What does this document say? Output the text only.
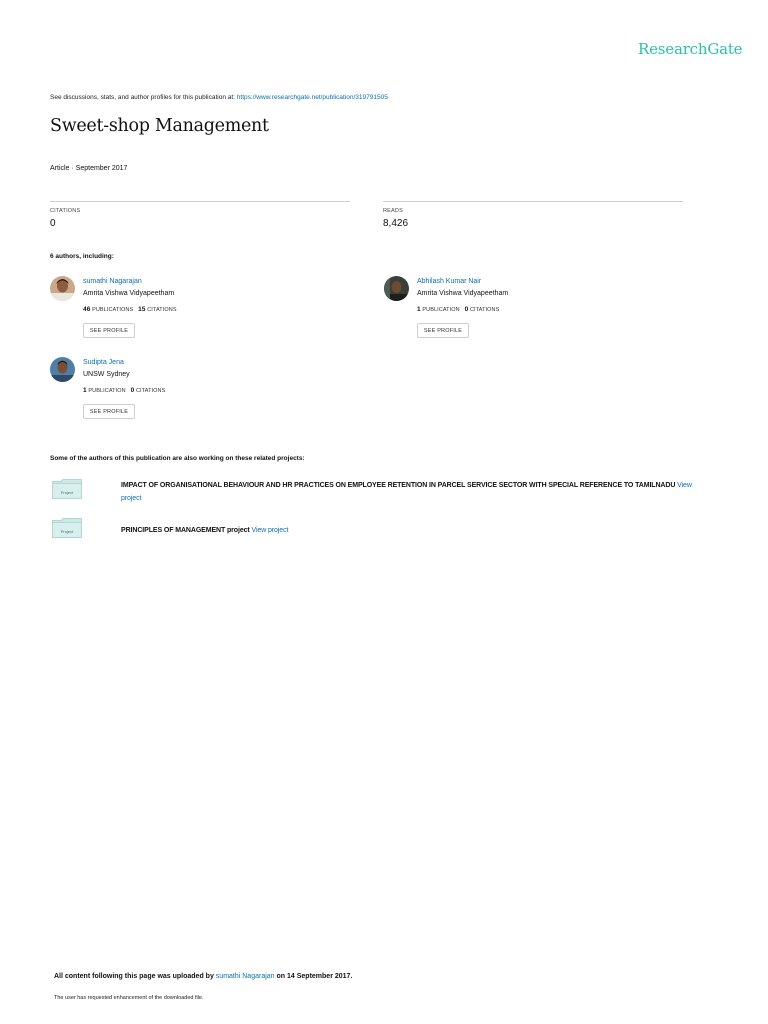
ResearchGate
See discussions, stats, and author profiles for this publication at: https://www.researchgate.net/publication/319791505
Sweet-shop Management
Article · September 2017
CITATIONS
0
READS
8,426
6 authors, including:
sumathi Nagarajan
Amrita Vishwa Vidyapeetham
46 PUBLICATIONS 15 CITATIONS
SEE PROFILE
Abhilash Kumar Nair
Amrita Vishwa Vidyapeetham
1 PUBLICATION 0 CITATIONS
SEE PROFILE
Sudipta Jena
UNSW Sydney
1 PUBLICATION 0 CITATIONS
SEE PROFILE
Some of the authors of this publication are also working on these related projects:
Project
IMPACT OF ORGANISATIONAL BEHAVIOUR AND HR PRACTICES ON EMPLOYEE RETENTION IN PARCEL SERVICE SECTOR WITH SPECIAL REFERENCE TO TAMILNADU View project
Project	PRINCIPLES OF MANAGEMENT project View project
All content following this page was uploaded by sumathi Nagarajan on 14 September 2017.
The user has requested enhancement of the downloaded file.
